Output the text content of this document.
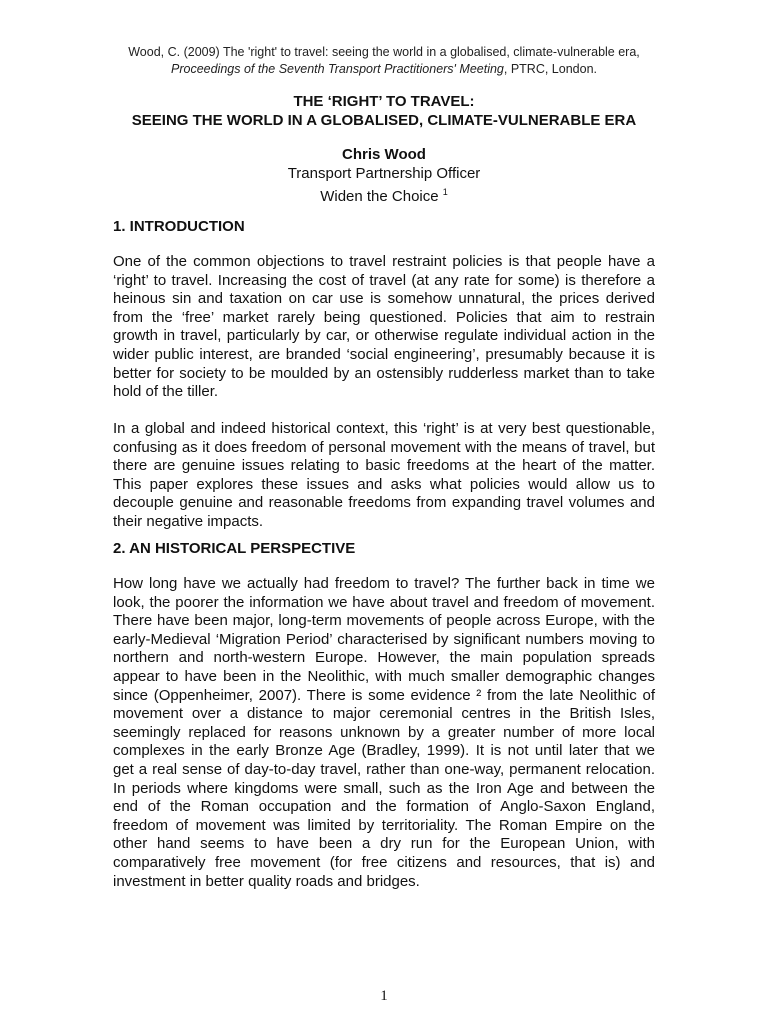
Wood, C. (2009) The 'right' to travel: seeing the world in a globalised, climate-vulnerable era,
Proceedings of the Seventh Transport Practitioners' Meeting, PTRC, London.
THE ‘RIGHT’ TO TRAVEL:
SEEING THE WORLD IN A GLOBALISED, CLIMATE-VULNERABLE ERA
Chris Wood
Transport Partnership Officer
Widen the Choice $^1$
1. INTRODUCTION
One of the common objections to travel restraint policies is that people have a
‘right’ to travel. Increasing the cost of travel (at any rate for some) is therefore a
heinous sin and taxation on car use is somehow unnatural, the prices derived
from the ‘free’ market rarely being questioned. Policies that aim to restrain
growth in travel, particularly by car, or otherwise regulate individual action in the
wider public interest, are branded ‘social engineering’, presumably because it is
better for society to be moulded by an ostensibly rudderless market than to take
hold of the tiller.
In a global and indeed historical context, this ‘right’ is at very best questionable,
confusing as it does freedom of personal movement with the means of travel, but
there are genuine issues relating to basic freedoms at the heart of the matter.
This paper explores these issues and asks what policies would allow us to
decouple genuine and reasonable freedoms from expanding travel volumes and
their negative impacts.
2. AN HISTORICAL PERSPECTIVE
How long have we actually had freedom to travel? The further back in time we
look, the poorer the information we have about travel and freedom of movement.
There have been major, long-term movements of people across Europe, with the
early-Medieval ‘Migration Period’ characterised by significant numbers moving to
northern and north-western Europe. However, the main population spreads
appear to have been in the Neolithic, with much smaller demographic changes
since (Oppenheimer, 2007). There is some evidence ² from the late Neolithic of
movement over a distance to major ceremonial centres in the British Isles,
seemingly replaced for reasons unknown by a greater number of more local
complexes in the early Bronze Age (Bradley, 1999). It is not until later that we
get a real sense of day-to-day travel, rather than one-way, permanent relocation.
In periods where kingdoms were small, such as the Iron Age and between the
end of the Roman occupation and the formation of Anglo-Saxon England,
freedom of movement was limited by territoriality. The Roman Empire on the
other hand seems to have been a dry run for the European Union, with
comparatively free movement (for free citizens and resources, that is) and
investment in better quality roads and bridges.
1
